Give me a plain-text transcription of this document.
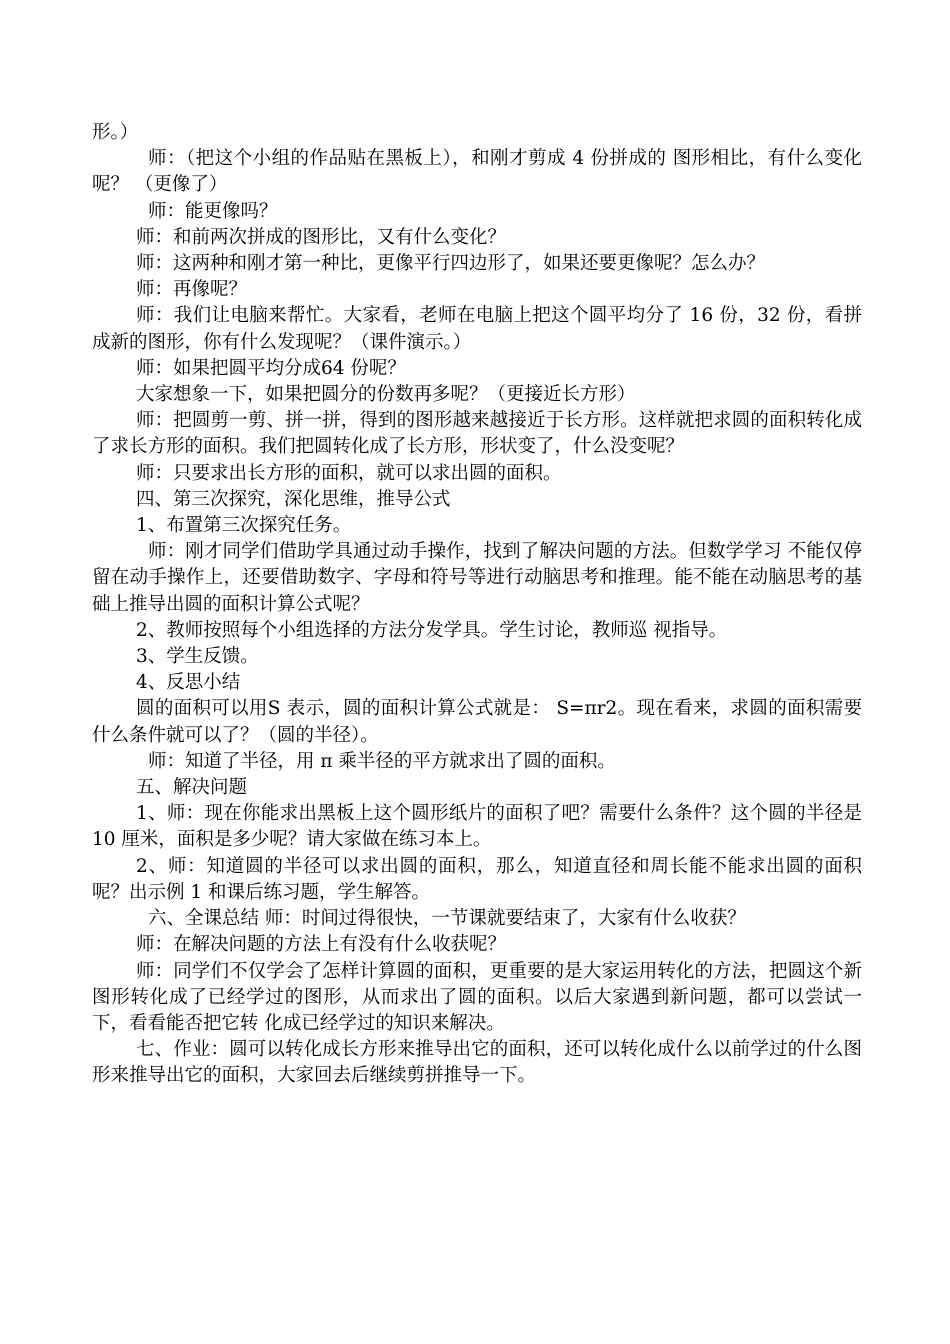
形。）

师：（把这个小组的作品贴在黑板上），和刚才剪成 4 份拼成的 图形相比，有什么变化呢？ （更像了）

师：能更像吗？

师：和前两次拼成的图形比，又有什么变化？

师：这两种和刚才第一种比，更像平行四边形了，如果还要更像呢？怎么办？

师：再像呢？

师：我们让电脑来帮忙。大家看，老师在电脑上把这个圆平均分了 16 份，32 份，看拼成新的图形，你有什么发现呢？（课件演示。）

师：如果把圆平均分成64 份呢？

大家想象一下，如果把圆分的份数再多呢？（更接近长方形）

师：把圆剪一剪、拼一拼，得到的图形越来越接近于长方形。这样就把求圆的面积转化成了求长方形的面积。我们把圆转化成了长方形，形状变了，什么没变呢？

师：只要求出长方形的面积，就可以求出圆的面积。

四、第三次探究，深化思维，推导公式

1、布置第三次探究任务。

师：刚才同学们借助学具通过动手操作，找到了解决问题的方法。但数学学习 不能仅停留在动手操作上，还要借助数字、字母和符号等进行动脑思考和推理。能不能在动脑思考的基础上推导出圆的面积计算公式呢？

2、教师按照每个小组选择的方法分发学具。学生讨论，教师巡 视指导。

3、学生反馈。

4、反思小结

圆的面积可以用S 表示，圆的面积计算公式就是： S=πr2。现在看来，求圆的面积需要什么条件就可以了？（圆的半径）。

师：知道了半径，用 π 乘半径的平方就求出了圆的面积。

五、解决问题

1、师：现在你能求出黑板上这个圆形纸片的面积了吧？需要什么条件？这个圆的半径是 10 厘米，面积是多少呢？请大家做在练习本上。

2、师：知道圆的半径可以求出圆的面积，那么，知道直径和周长能不能求出圆的面积呢？出示例 1 和课后练习题，学生解答。

六、全课总结 师：时间过得很快，一节课就要结束了，大家有什么收获？

师：在解决问题的方法上有没有什么收获呢？

师：同学们不仅学会了怎样计算圆的面积，更重要的是大家运用转化的方法，把圆这个新图形转化成了已经学过的图形，从而求出了圆的面积。以后大家遇到新问题，都可以尝试一下，看看能否把它转 化成已经学过的知识来解决。

七、作业：圆可以转化成长方形来推导出它的面积，还可以转化成什么以前学过的什么图形来推导出它的面积，大家回去后继续剪拼推导一下。
